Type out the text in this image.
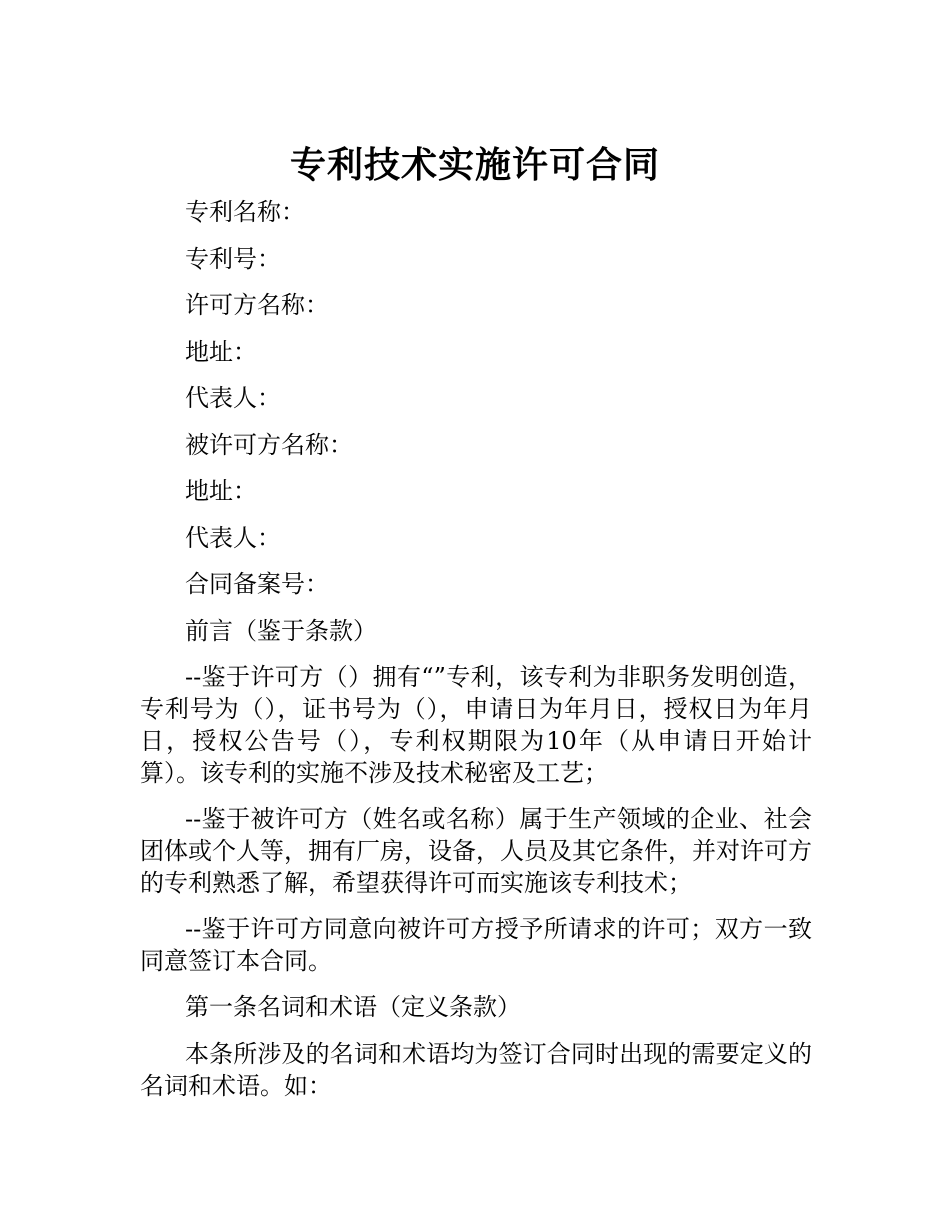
专利技术实施许可合同

专利名称：

专利号：

许可方名称：

地址：

代表人：

被许可方名称：

地址：

代表人：

合同备案号：

前言（鉴于条款）

--鉴于许可方（）拥有“”专利，该专利为非职务发明创造，专利号为（），证书号为（），申请日为年月日，授权日为年月日，授权公告号（），专利权期限为10年（从申请日开始计算）。该专利的实施不涉及技术秘密及工艺；

--鉴于被许可方（姓名或名称）属于生产领域的企业、社会团体或个人等，拥有厂房，设备，人员及其它条件，并对许可方的专利熟悉了解，希望获得许可而实施该专利技术；

--鉴于许可方同意向被许可方授予所请求的许可；双方一致同意签订本合同。

第一条名词和术语（定义条款）

本条所涉及的名词和术语均为签订合同时出现的需要定义的名词和术语。如：
